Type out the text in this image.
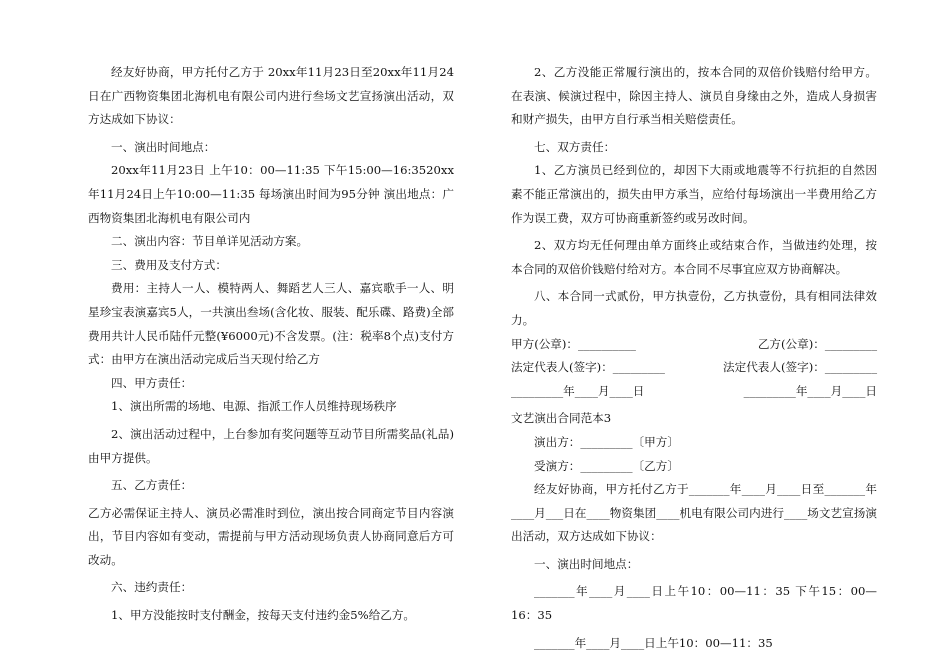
经友好协商，甲方托付乙方于 20xx年11月23日至20xx年11月24日在广西物资集团北海机电有限公司内进行叁场文艺宣扬演出活动，双方达成如下协议：

一、演出时间地点：

20xx年11月23日 上午10：00—11:35 下午15:00—16:3520xx年11月24日上午10:00—11:35 每场演出时间为95分钟 演出地点：广西物资集团北海机电有限公司内

二、演出内容：节目单详见活动方案。

三、费用及支付方式：

费用：主持人一人、模特两人、舞蹈艺人三人、嘉宾歌手一人、明星珍宝表演嘉宾5人，一共演出叁场(含化妆、服装、配乐碟、路费)全部费用共计人民币陆仟元整(¥6000元)不含发票。(注：税率8个点)支付方式：由甲方在演出活动完成后当天现付给乙方

四、甲方责任：

1、演出所需的场地、电源、指派工作人员维持现场秩序

2、演出活动过程中，上台参加有奖问题等互动节目所需奖品(礼品)由甲方提供。

五、乙方责任：

乙方必需保证主持人、演员必需准时到位，演出按合同商定节目内容演出，节目内容如有变动，需提前与甲方活动现场负责人协商同意后方可改动。

六、违约责任：

1、甲方没能按时支付酬金，按每天支付违约金5%给乙方。

2、乙方没能正常履行演出的，按本合同的双倍价钱赔付给甲方。 在表演、候演过程中，除因主持人、演员自身缘由之外，造成人身损害和财产损失，由甲方自行承当相关赔偿责任。

七、双方责任：

1、乙方演员已经到位的，却因下大雨或地震等不行抗拒的自然因素不能正常演出的，损失由甲方承当，应给付每场演出一半费用给乙方作为误工费，双方可协商重新签约或另改时间。

2、双方均无任何理由单方面终止或结束合作，当做违约处理，按本合同的双倍价钱赔付给对方。本合同不尽事宜应双方协商解决。

八、本合同一式贰份，甲方执壹份，乙方执壹份，具有相同法律效力。

甲方(公章)：__________	乙方(公章)：_________
法定代表人(签字)：_________	法定代表人(签字)：_________
_________年____月____日	_________年____月____日

文艺演出合同范本3

演出方：_________〔甲方〕

受演方：_________〔乙方〕

经友好协商，甲方托付乙方于_______年____月____日至_______年____月___日在____物资集团____机电有限公司内进行____场文艺宣扬演出活动，双方达成如下协议：

一、演出时间地点：

_______年____月____日上午10：00—11：35 下午15：00—16：35

_______年____月____日上午10：00—11：35
